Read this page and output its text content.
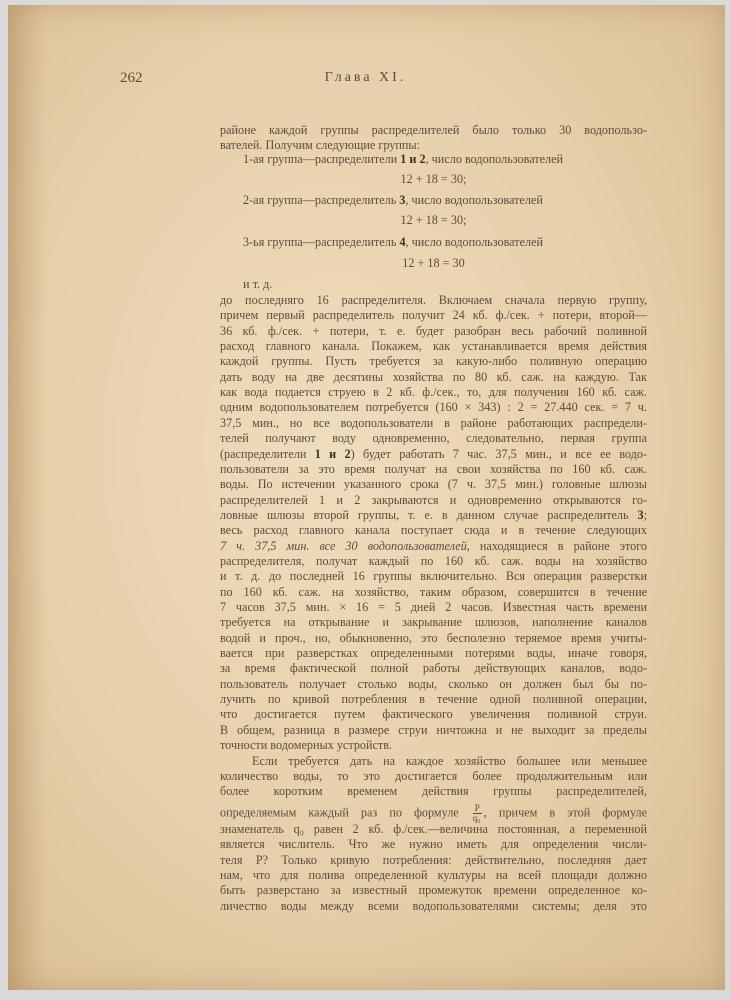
262	Глава XI.
районе каждой группы распределителей было только 30 водопользо-
вателей. Получим следующие группы:
1-ая группа—распределители 1 и 2, число водопользователей
12 + 18 = 30;
2-ая группа—распределитель 3, число водопользователей
12 + 18 = 30;
3-ья группа—распределитель 4, число водопользователей
12 + 18 = 30
и т. д.
до последняго 16 распределителя. Включаем сначала первую группу,
причем первый распределитель получит 24 кб. ф./сек. + потери, второй—
36 кб. ф./сек. + потери, т. е. будет разобран весь рабочий поливной
расход главного канала. Покажем, как устанавливается время действия
каждой группы. Пусть требуется за какую-либо поливную операцию
дать воду на две десятины хозяйства по 80 кб. саж. на каждую. Так
как вода подается струею в 2 кб. ф./сек., то, для получения 160 кб. саж.
одним водопользователем потребуется (160 × 343) : 2 = 27.440 сек. = 7 ч.
37,5 мин., но все водопользователи в районе работающих распредели-
телей получают воду одновременно, следовательно, первая группа
(распределители 1 и 2) будет работать 7 час. 37,5 мин., и все ее водо-
пользователи за это время получат на свои хозяйства по 160 кб. саж.
воды. По истечении указанного срока (7 ч. 37,5 мин.) головные шлюзы
распределителей 1 и 2 закрываются и одновременно открываются го-
ловные шлюзы второй группы, т. е. в данном случае распределитель 3;
весь расход главного канала поступает сюда и в течение следующих
7 ч. 37,5 мин. все 30 водопользователей, находящиеся в районе этого
распределителя, получат каждый по 160 кб. саж. воды на хозяйство
и т. д. до последней 16 группы включительно. Вся операция разверстки
по 160 кб. саж. на хозяйство, таким образом, совершится в течение
7 часов 37,5 мин. × 16 = 5 дней 2 часов. Известная часть времени
требуется на открывание и закрывание шлюзов, наполнение каналов
водой и проч., но, обыкновенно, это бесполезно теряемое время учиты-
вается при разверстках определенными потерями воды, иначе говоря,
за время фактической полной работы действующих каналов, водо-
пользователь получает столько воды, сколько он должен был бы по-
лучить по кривой потребления в течение одной поливной операции,
что достигается путем фактического увеличения поливной струи.
В общем, разница в размере струи ничтожна и не выходит за пределы
точности водомерных устройств.
Если требуется дать на каждое хозяйство большее или меньшее
количество воды, то это достигается более продолжительным или
более коротким временем действия группы распределителей,
определяемым каждый раз по формуле $\frac{P}{\text{q₀}}$ , причем в этой формуле
знаменатель q₀ равен 2 кб. ф./сек.—величина постоянная, а переменной
является числитель. Что же нужно иметь для определения числи-
теля P? Только кривую потребления: действительно, последняя дает
нам, что для полива определенной культуры на всей площади должно
быть разверстано за известный промежуток времени определенное ко-
личество воды между всеми водопользователями системы; деля это
